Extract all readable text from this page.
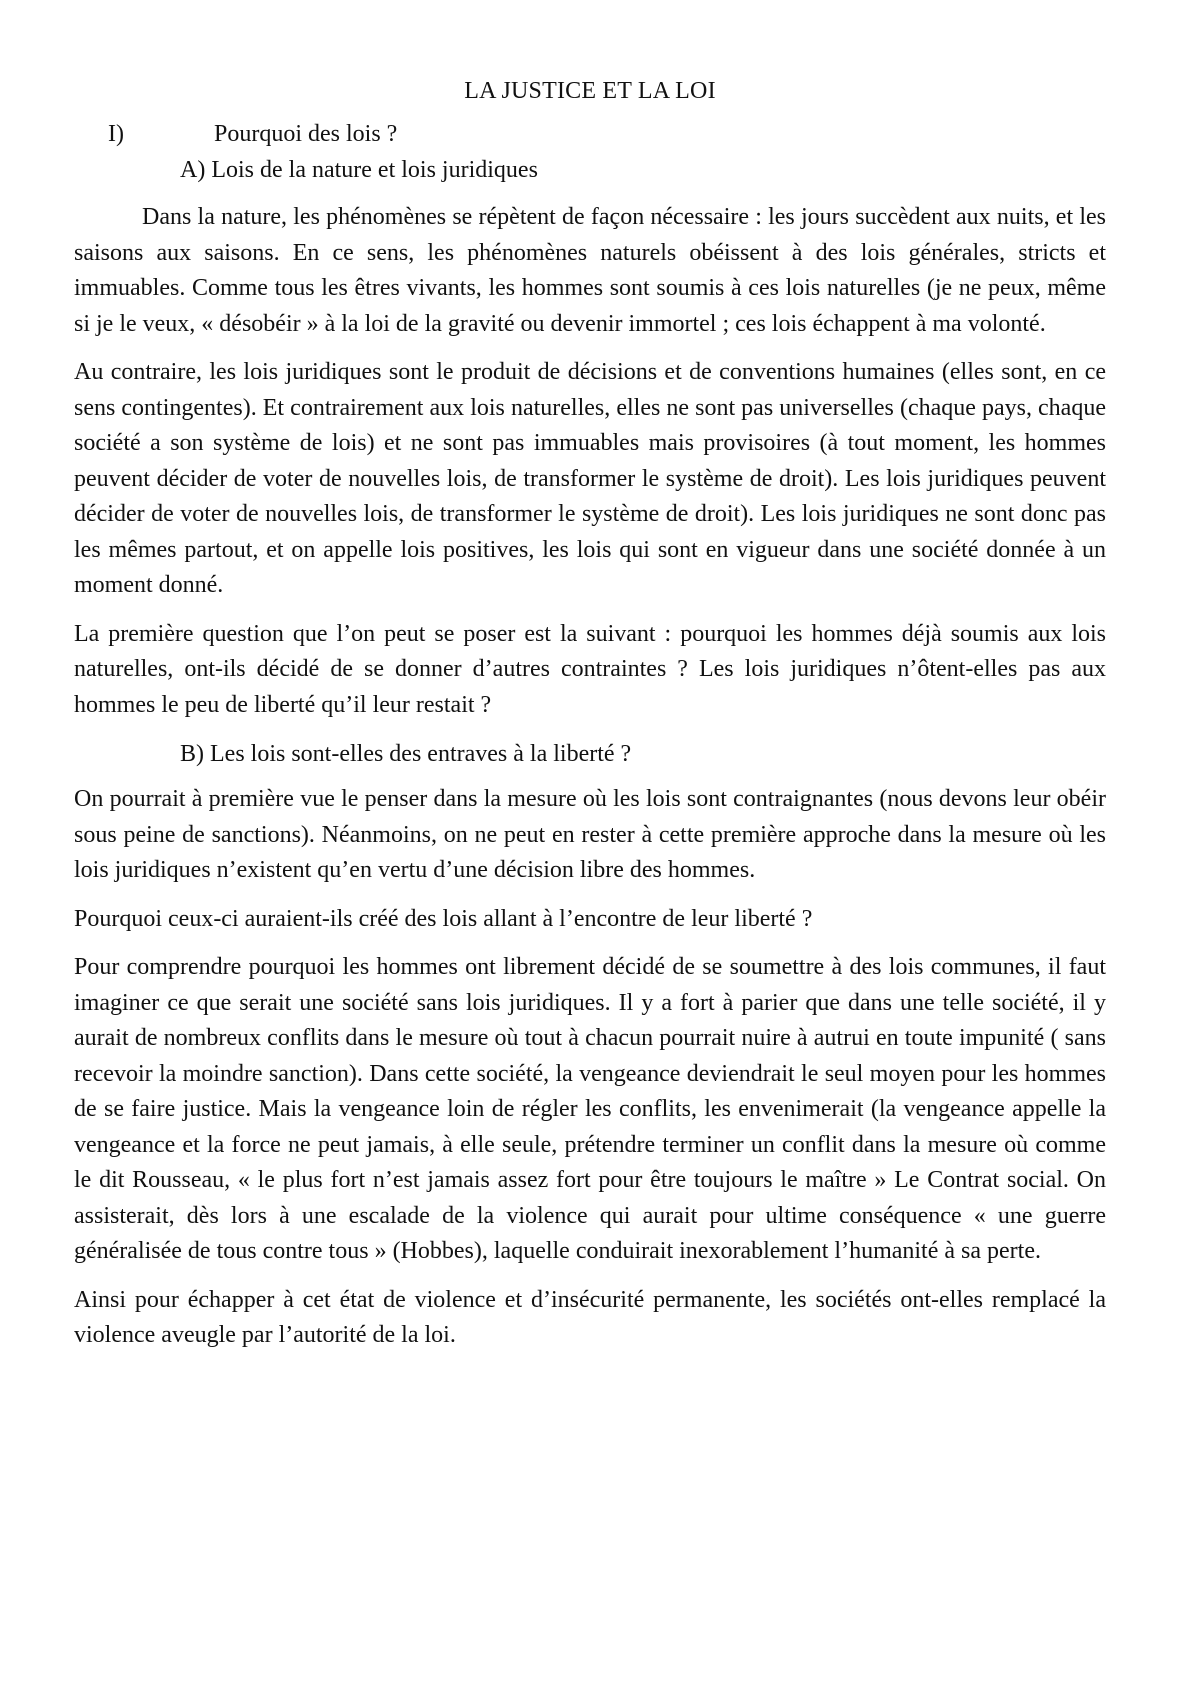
LA JUSTICE ET LA LOI
I)	Pourquoi des lois ?
A) Lois de la nature et lois juridiques

Dans la nature, les phénomènes se répètent de façon nécessaire : les jours succèdent aux nuits, et les saisons aux saisons. En ce sens, les phénomènes naturels obéissent à des lois générales, stricts et immuables. Comme tous les êtres vivants, les hommes sont soumis à ces lois naturelles (je ne peux, même si je le veux, « désobéir » à la loi de la gravité ou devenir immortel ; ces lois échappent à ma volonté.

Au contraire, les lois juridiques sont le produit de décisions et de conventions humaines (elles sont, en ce sens contingentes). Et contrairement aux lois naturelles, elles ne sont pas universelles (chaque pays, chaque société a son système de lois) et ne sont pas immuables mais provisoires (à tout moment, les hommes peuvent décider de voter de nouvelles lois, de transformer le système de droit). Les lois juridiques peuvent décider de voter de nouvelles lois, de transformer le système de droit). Les lois juridiques ne sont donc pas les mêmes partout, et on appelle lois positives, les lois qui sont en vigueur dans une société donnée à un moment donné.

La première question que l’on peut se poser est la suivant : pourquoi les hommes déjà soumis aux lois naturelles, ont-ils décidé de se donner d’autres contraintes ? Les lois juridiques n’ôtent-elles pas aux hommes le peu de liberté qu’il leur restait ?

B) Les lois sont-elles des entraves à la liberté ?

On pourrait à première vue le penser dans la mesure où les lois sont contraignantes (nous devons leur obéir sous peine de sanctions). Néanmoins, on ne peut en rester à cette première approche dans la mesure où les lois juridiques n’existent qu’en vertu d’une décision libre des hommes.

Pourquoi ceux-ci auraient-ils créé des lois allant à l’encontre de leur liberté ?

Pour comprendre pourquoi les hommes ont librement décidé de se soumettre à des lois communes, il faut imaginer ce que serait une société sans lois juridiques. Il y a fort à parier que dans une telle société, il y aurait de nombreux conflits dans le mesure où tout à chacun pourrait nuire à autrui en toute impunité ( sans recevoir la moindre sanction). Dans cette société, la vengeance deviendrait le seul moyen pour les hommes de se faire justice. Mais la vengeance loin de régler les conflits, les envenimerait (la vengeance appelle la vengeance et la force ne peut jamais, à elle seule, prétendre terminer un conflit dans la mesure où comme le dit Rousseau, « le plus fort n’est jamais assez fort pour être toujours le maître » Le Contrat social. On assisterait, dès lors à une escalade de la violence qui aurait pour ultime conséquence « une guerre généralisée de tous contre tous » (Hobbes), laquelle conduirait inexorablement l’humanité à sa perte.

Ainsi pour échapper à cet état de violence et d’insécurité permanente, les sociétés ont-elles remplacé la violence aveugle par l’autorité de la loi.
